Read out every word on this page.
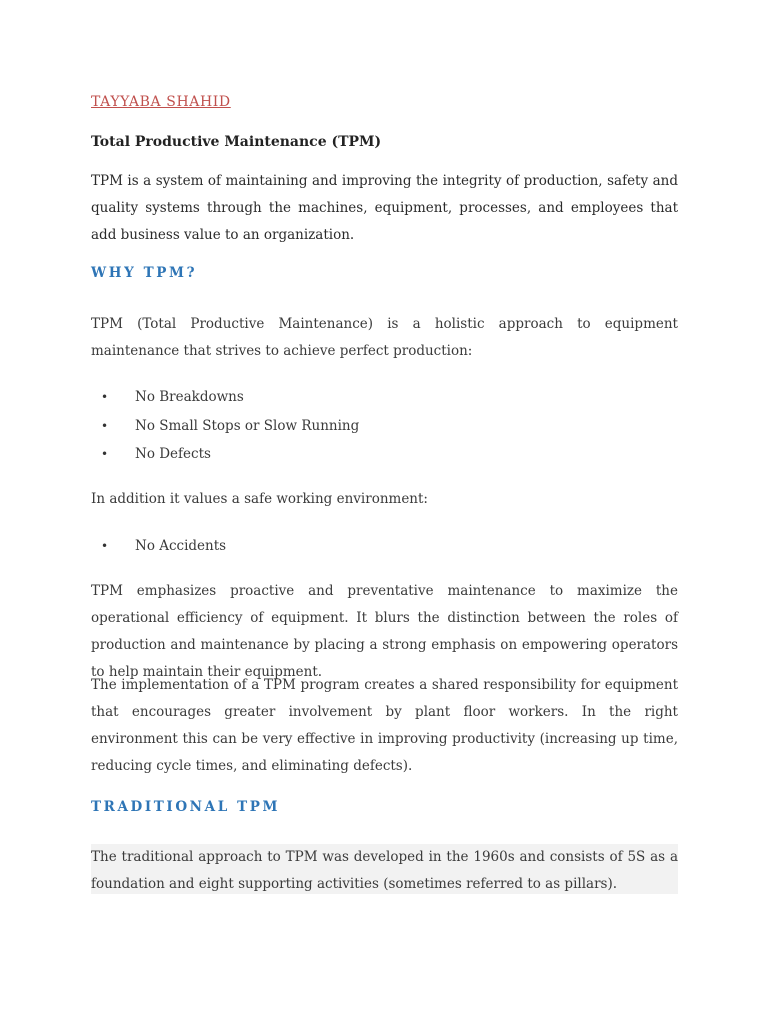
TAYYABA SHAHID
Total Productive Maintenance (TPM)

TPM is a system of maintaining and improving the integrity of production, safety and quality systems through the machines, equipment, processes, and employees that add business value to an organization.

WHY TPM?

TPM (Total Productive Maintenance) is a holistic approach to equipment maintenance that strives to achieve perfect production:

• No Breakdowns
• No Small Stops or Slow Running
• No Defects

In addition it values a safe working environment:

• No Accidents

TPM emphasizes proactive and preventative maintenance to maximize the operational efficiency of equipment. It blurs the distinction between the roles of production and maintenance by placing a strong emphasis on empowering operators to help maintain their equipment.

The implementation of a TPM program creates a shared responsibility for equipment that encourages greater involvement by plant floor workers. In the right environment this can be very effective in improving productivity (increasing up time, reducing cycle times, and eliminating defects).

TRADITIONAL TPM

The traditional approach to TPM was developed in the 1960s and consists of 5S as a foundation and eight supporting activities (sometimes referred to as pillars).
